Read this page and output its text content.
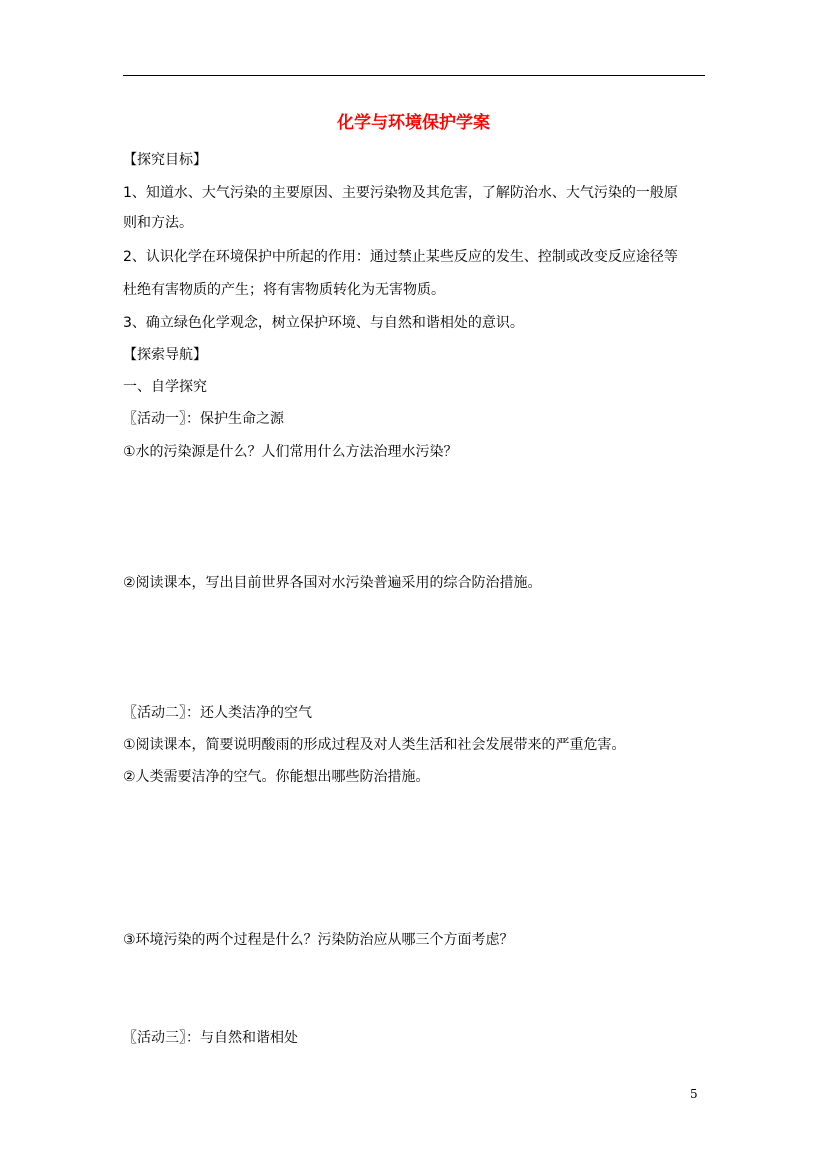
化学与环境保护学案
【探究目标】
1、知道水、大气污染的主要原因、主要污染物及其危害，了解防治水、大气污染的一般原
则和方法。
2、认识化学在环境保护中所起的作用：通过禁止某些反应的发生、控制或改变反应途径等
杜绝有害物质的产生；将有害物质转化为无害物质。
3、确立绿色化学观念，树立保护环境、与自然和谐相处的意识。
【探索导航】
一、自学探究
〖活动一〗：保护生命之源
①水的污染源是什么？人们常用什么方法治理水污染？
②阅读课本，写出目前世界各国对水污染普遍采用的综合防治措施。
〖活动二〗：还人类洁净的空气
①阅读课本，简要说明酸雨的形成过程及对人类生活和社会发展带来的严重危害。
②人类需要洁净的空气。你能想出哪些防治措施。
③环境污染的两个过程是什么？污染防治应从哪三个方面考虑？
〖活动三〗：与自然和谐相处
5
